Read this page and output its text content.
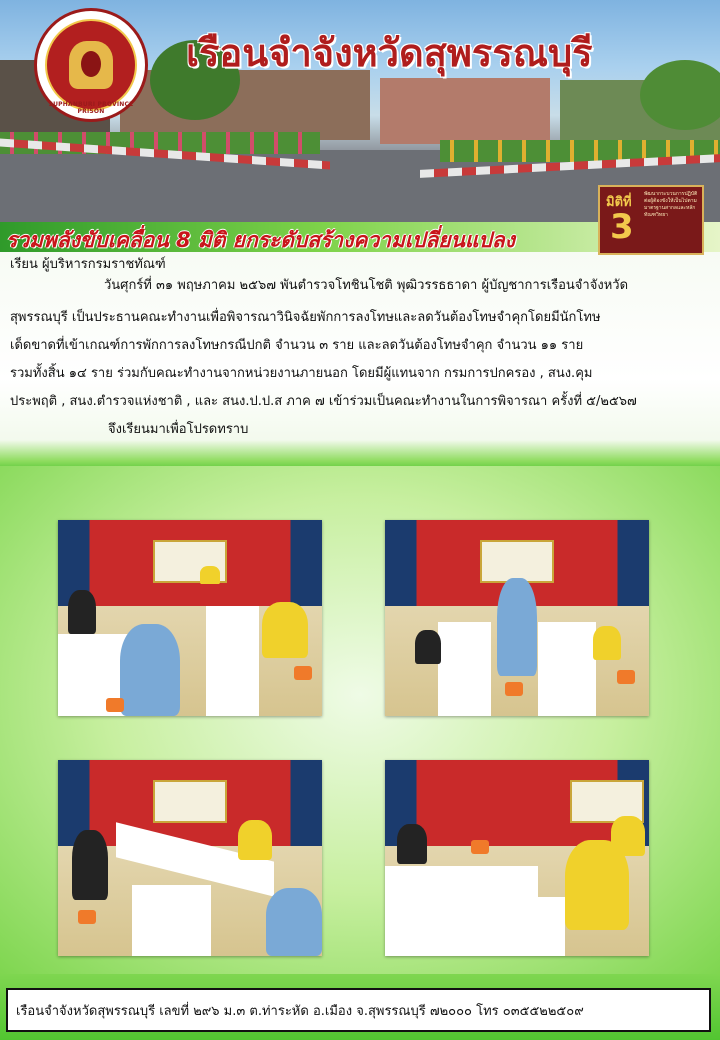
SUPHANBURI PROVINCE PRISON
เรือนจำจังหวัดสุพรรณบุรี
รวมพลังขับเคลื่อน 8 มิติ ยกระดับสร้างความเปลี่ยนแปลง
มิติที่
3
พัฒนากระบวนการปฏิบัติต่อผู้ต้องขังให้เป็นไปตามมาตรฐานสากลและหลักทัณฑวิทยา
เรียน ผู้บริหารกรมราชทัณฑ์
วันศุกร์ที่ ๓๑ พฤษภาคม ๒๕๖๗ พันตำรวจโทชินโชติ พุฒิวรรธธาดา ผู้บัญชาการเรือนจำจังหวัด
สุพรรณบุรี เป็นประธานคณะทำงานเพื่อพิจารณาวินิจฉัยพักการลงโทษและลดวันต้องโทษจำคุกโดยมีนักโทษ
เด็ดขาดที่เข้าเกณฑ์การพักการลงโทษกรณีปกติ จำนวน ๓ ราย และลดวันต้องโทษจำคุก จำนวน ๑๑ ราย
รวมทั้งสิ้น ๑๔ ราย ร่วมกับคณะทำงานจากหน่วยงานภายนอก โดยมีผู้แทนจาก กรมการปกครอง , สนง.คุม
ประพฤติ , สนง.ตำรวจแห่งชาติ , และ สนง.ป.ป.ส ภาค ๗ เข้าร่วมเป็นคณะทำงานในการพิจารณา ครั้งที่ ๕/๒๕๖๗
จึงเรียนมาเพื่อโปรดทราบ
เรือนจำจังหวัดสุพรรณบุรี เลขที่ ๒๙๖ ม.๓ ต.ท่าระหัด อ.เมือง จ.สุพรรณบุรี ๗๒๐๐๐ โทร ๐๓๕๕๒๒๕๐๙
